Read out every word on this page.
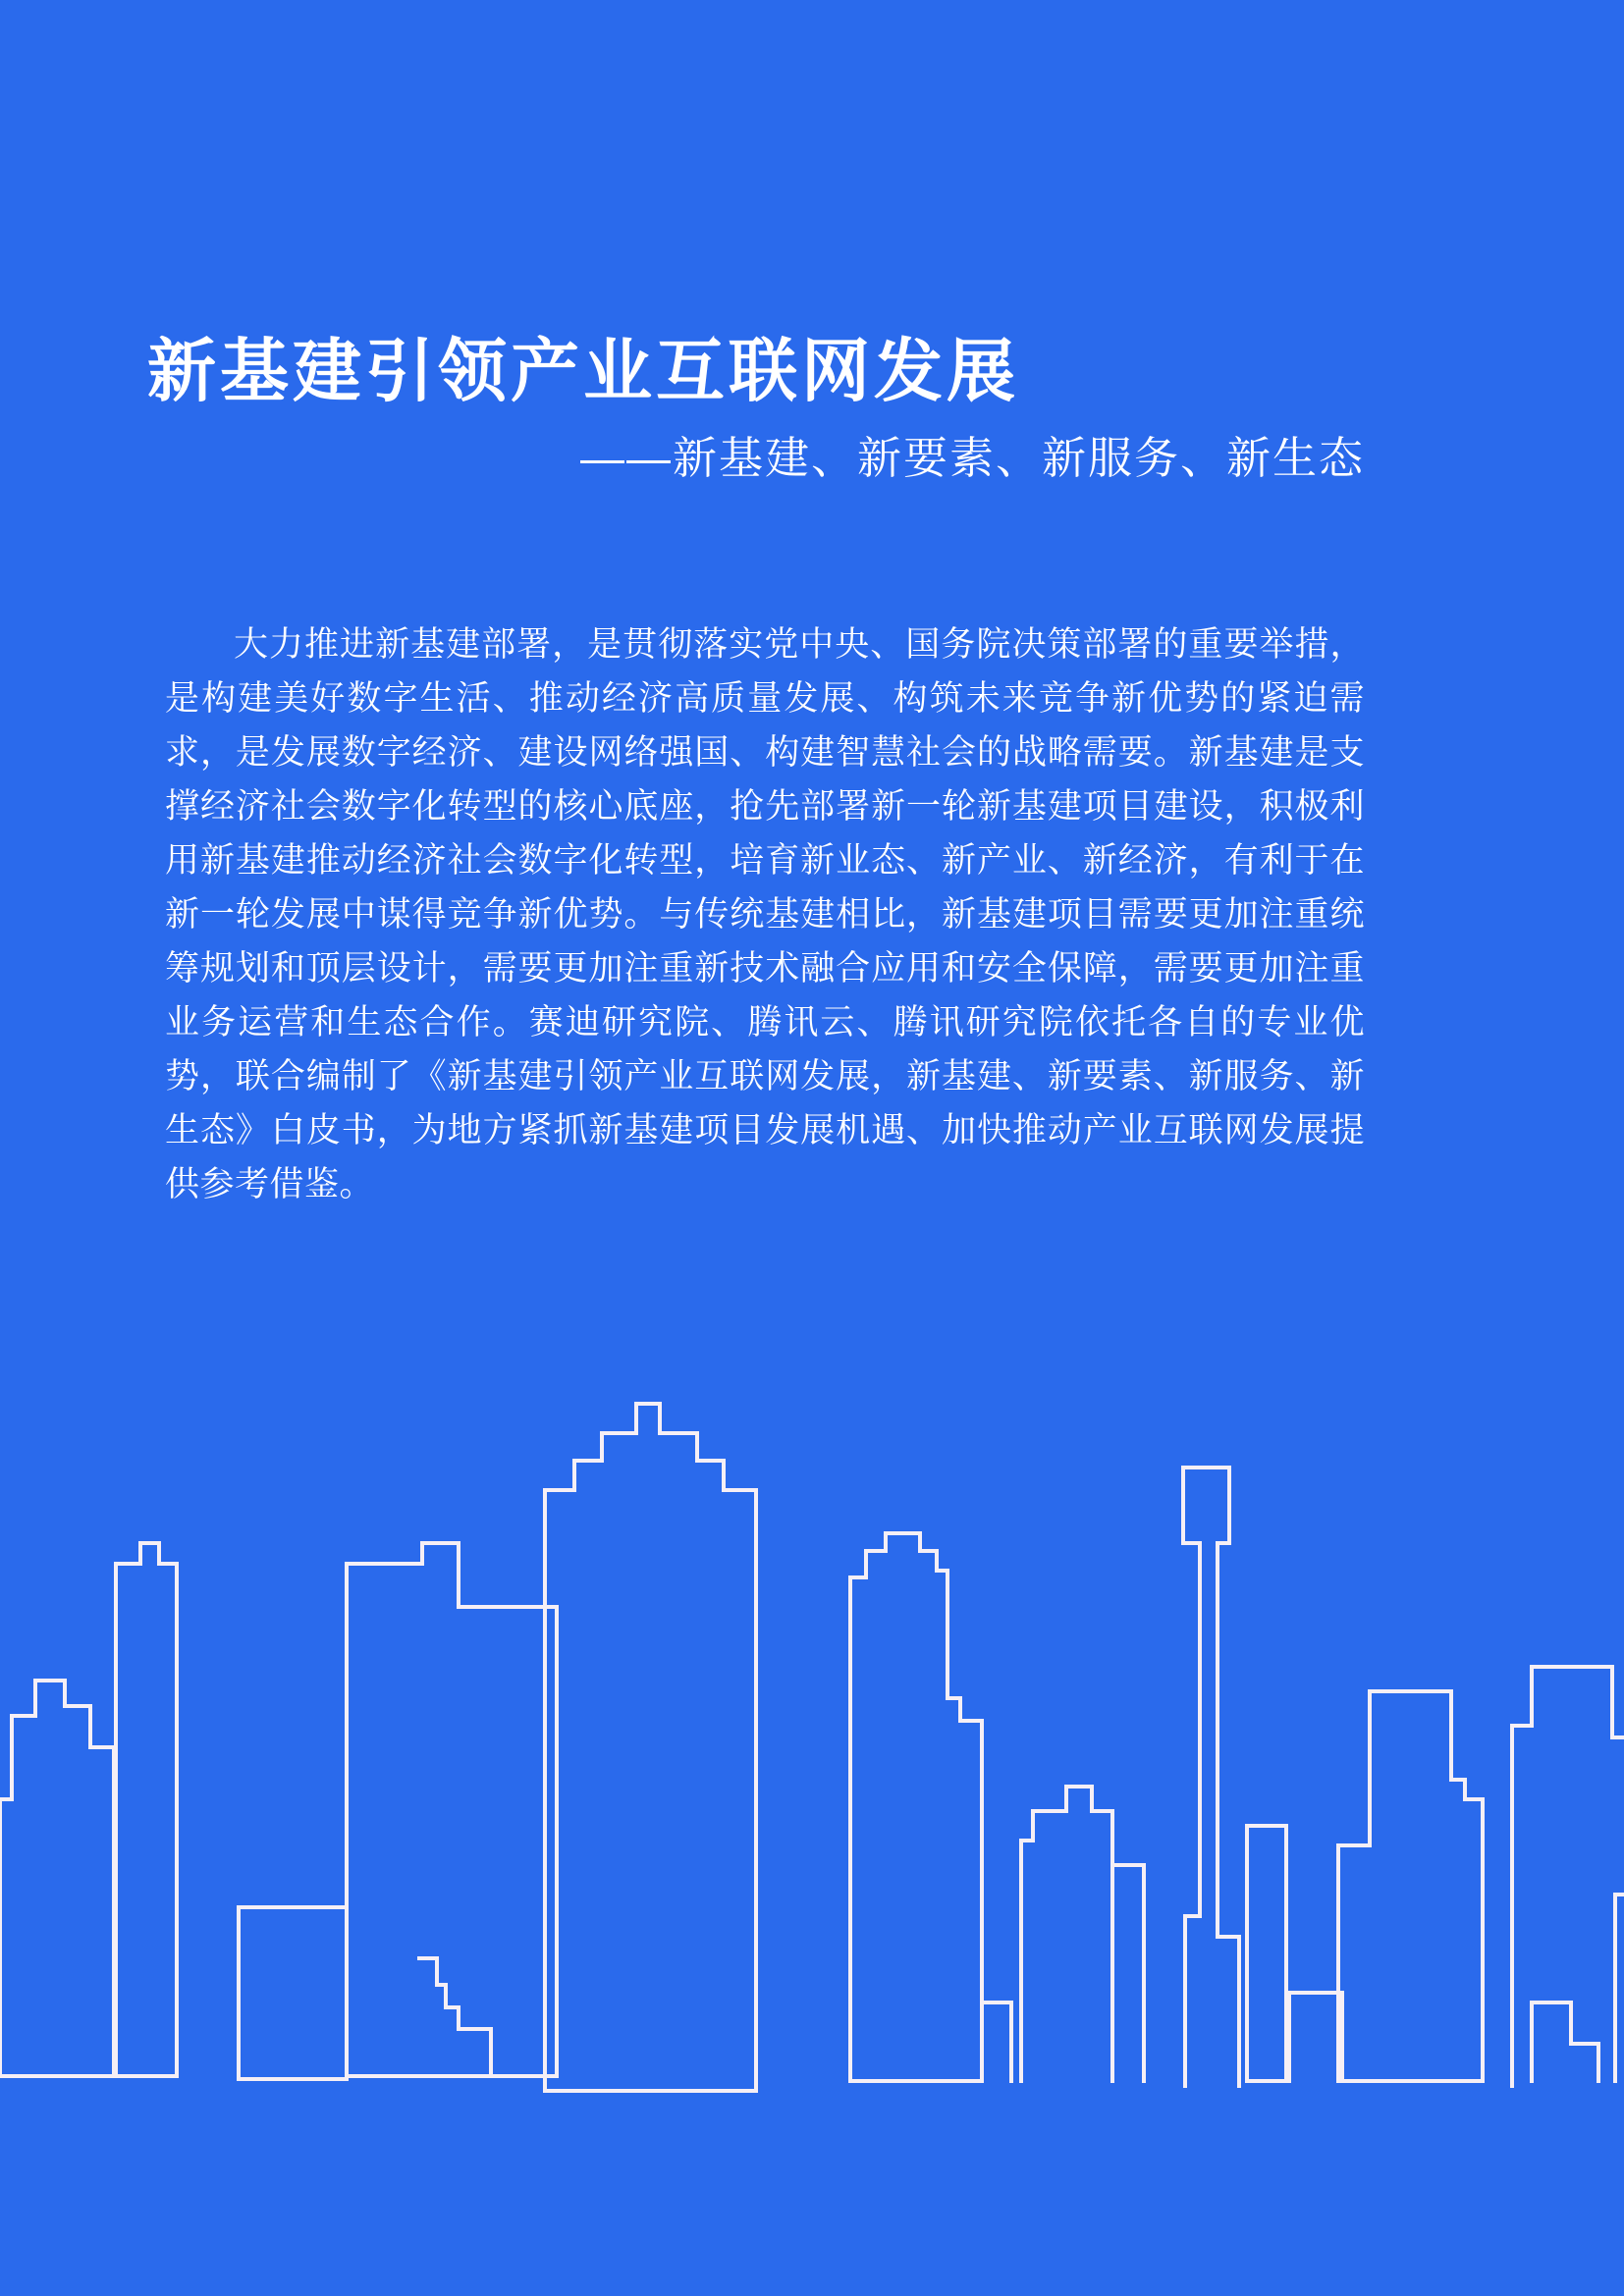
新基建引领产业互联网发展
——新基建、新要素、新服务、新生态

大力推进新基建部署，是贯彻落实党中央、国务院决策部署的重要举措，是构建美好数字生活、推动经济高质量发展、构筑未来竞争新优势的紧迫需求，是发展数字经济、建设网络强国、构建智慧社会的战略需要。新基建是支撑经济社会数字化转型的核心底座，抢先部署新一轮新基建项目建设，积极利用新基建推动经济社会数字化转型，培育新业态、新产业、新经济，有利于在新一轮发展中谋得竞争新优势。与传统基建相比，新基建项目需要更加注重统筹规划和顶层设计，需要更加注重新技术融合应用和安全保障，需要更加注重业务运营和生态合作。赛迪研究院、腾讯云、腾讯研究院依托各自的专业优势，联合编制了《新基建引领产业互联网发展，新基建、新要素、新服务、新生态》白皮书，为地方紧抓新基建项目发展机遇、加快推动产业互联网发展提供参考借鉴。
